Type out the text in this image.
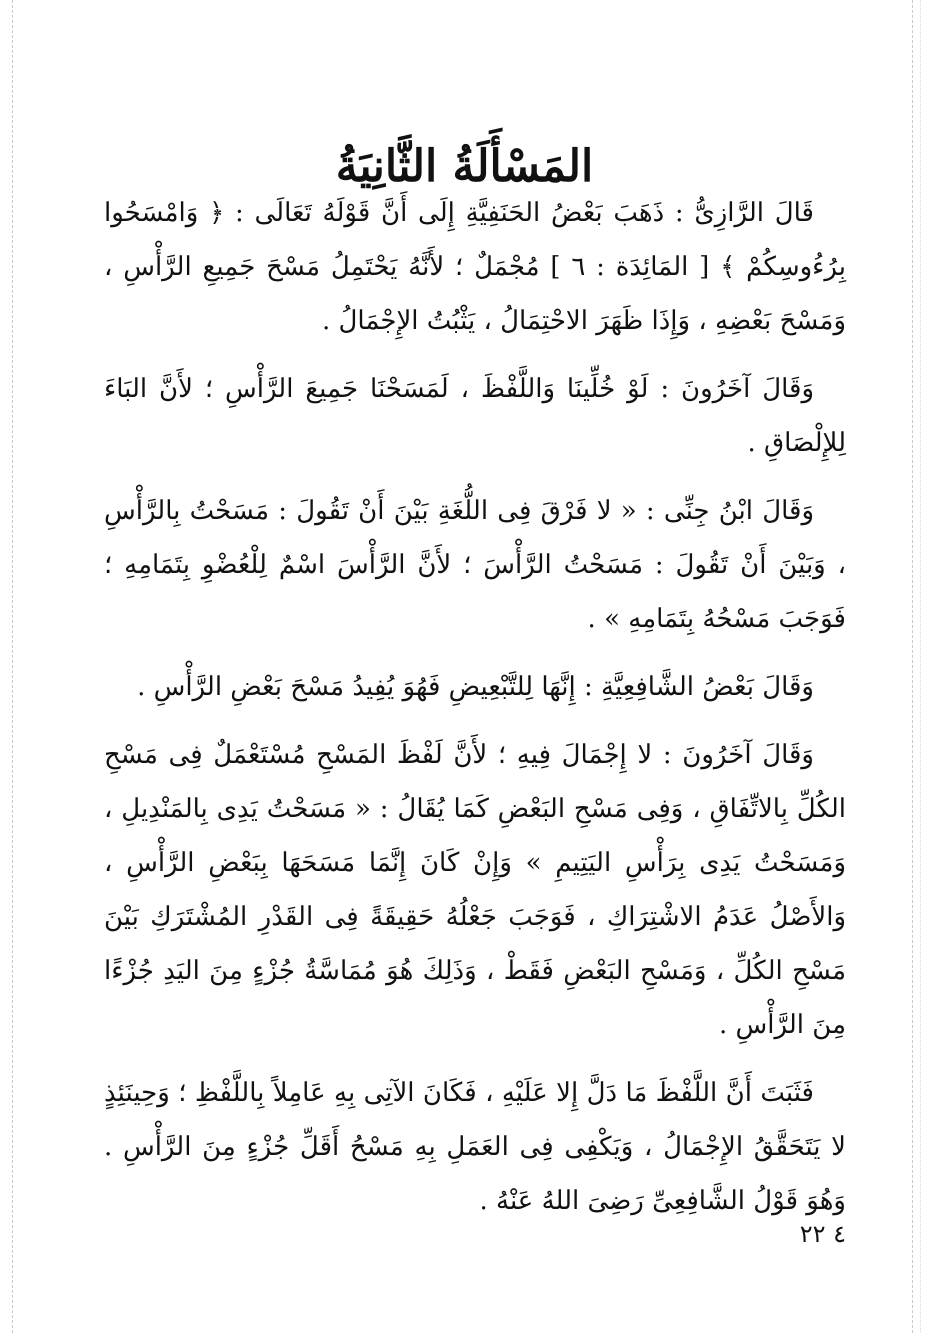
المَسْأَلَةُ الثَّانِيَةُ

قَالَ الرَّازِىُّ : ذَهَبَ بَعْضُ الحَنَفِيَّةِ إِلَى أَنَّ قَوْلَهُ تَعَالَى : ﴿ وَامْسَحُوا بِرُءُوسِكُمْ ﴾ [ المَائِدَة : ٦ ] مُجْمَلٌ ؛ لأَنَّهُ يَحْتَمِلُ مَسْحَ جَمِيعِ الرَّأْسِ ، وَمَسْحَ بَعْضِهِ ، وَإِذَا ظَهَرَ الاحْتِمَالُ ، يَثْبُتُ الإِجْمَالُ .

وَقَالَ آخَرُونَ : لَوْ خُلِّينَا وَاللَّفْظَ ، لَمَسَحْنَا جَمِيعَ الرَّأْسِ ؛ لأَنَّ البَاءَ لِلإِلْصَاقِ .

وَقَالَ ابْنُ جِنِّى : « لا فَرْقَ فِى اللُّغَةِ بَيْنَ أَنْ تَقُولَ : مَسَحْتُ بِالرَّأْسِ ، وَبَيْنَ أَنْ تَقُولَ : مَسَحْتُ الرَّأْسَ ؛ لأَنَّ الرَّأْسَ اسْمٌ لِلْعُضْوِ بِتَمَامِهِ ؛ فَوَجَبَ مَسْحُهُ بِتَمَامِهِ » .

وَقَالَ بَعْضُ الشَّافِعِيَّةِ : إِنَّهَا لِلتَّبْعِيضِ فَهُوَ يُفِيدُ مَسْحَ بَعْضِ الرَّأْسِ .

وَقَالَ آخَرُونَ : لا إِجْمَالَ فِيهِ ؛ لأَنَّ لَفْظَ المَسْحِ مُسْتَعْمَلٌ فِى مَسْحِ الكُلِّ بِالاتِّفَاقِ ، وَفِى مَسْحِ البَعْضِ كَمَا يُقَالُ : « مَسَحْتُ يَدِى بِالمَنْدِيلِ ، وَمَسَحْتُ يَدِى بِرَأْسِ اليَتِيمِ » وَإِنْ كَانَ إِنَّمَا مَسَحَهَا بِبَعْضِ الرَّأْسِ ، وَالأَصْلُ عَدَمُ الاشْتِرَاكِ ، فَوَجَبَ جَعْلُهُ حَقِيقَةً فِى القَدْرِ المُشْتَرَكِ بَيْنَ مَسْحِ الكُلِّ ، وَمَسْحِ البَعْضِ فَقَطْ ، وَذَلِكَ هُوَ مُمَاسَّةُ جُزْءٍ مِنَ اليَدِ جُزْءًا مِنَ الرَّأْسِ .

فَثَبَتَ أَنَّ اللَّفْظَ مَا دَلَّ إِلا عَلَيْهِ ، فَكَانَ الآتِى بِهِ عَامِلاً بِاللَّفْظِ ؛ وَحِينَئِذٍ لا يَتَحَقَّقُ الإِجْمَالُ ، وَيَكْفِى فِى العَمَلِ بِهِ مَسْحُ أَقَلِّ جُزْءٍ مِنَ الرَّأْسِ . وَهُوَ قَوْلُ الشَّافِعِىِّ رَضِىَ اللهُ عَنْهُ .

٤ ٢٢
